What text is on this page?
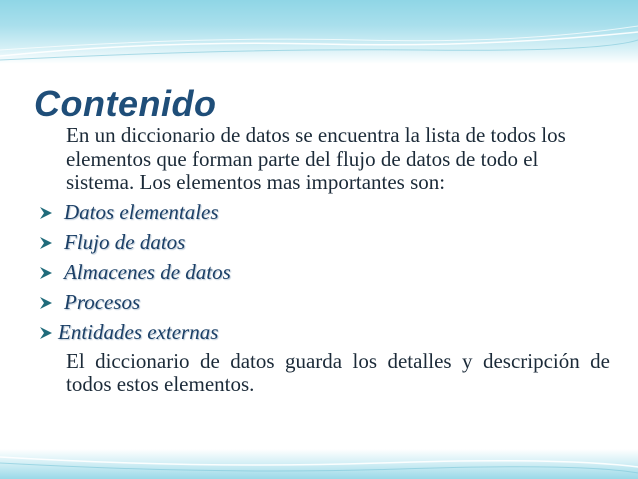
Contenido

En un diccionario de datos se encuentra la lista de todos los elementos que forman parte del flujo de datos de todo el sistema. Los elementos mas importantes son:

Datos elementales
Flujo de datos
Almacenes de datos
Procesos
Entidades externas

El diccionario de datos guarda los detalles y descripción de todos estos elementos.
